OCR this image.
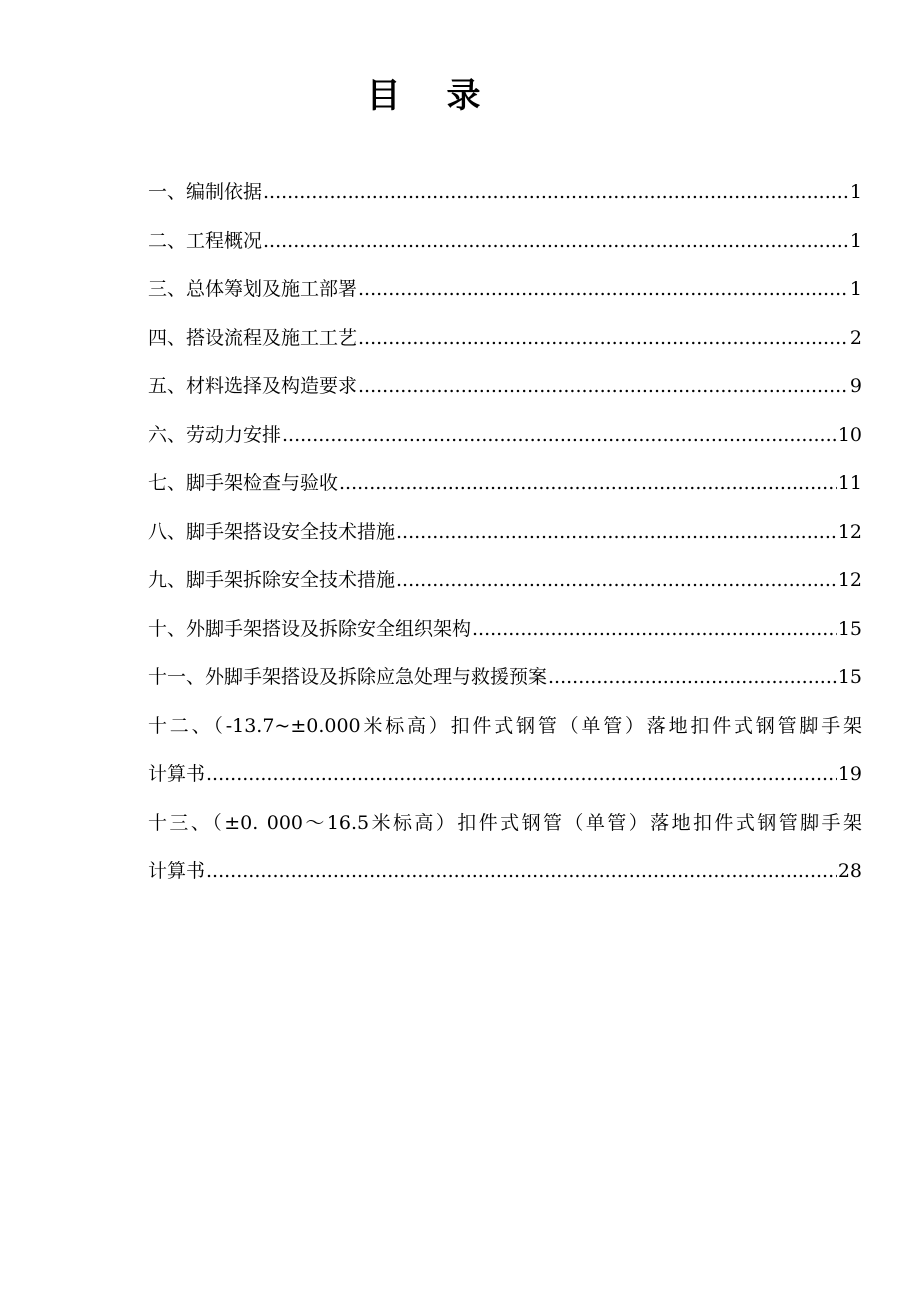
目录
一、编制依据 .....	1
二、工程概况 .....	1
三、总体筹划及施工部署 .....	1
四、搭设流程及施工工艺 .....	2
五、材料选择及构造要求 .....	9
六、劳动力安排 .....	10
七、脚手架检查与验收 .....	11
八、脚手架搭设安全技术措施 .....	12
九、脚手架拆除安全技术措施 .....	12
十、外脚手架搭设及拆除安全组织架构 .....	15
十一、外脚手架搭设及拆除应急处理与救援预案 .....	15
十二、（-13.7~±0.000米标高）扣件式钢管（单管）落地扣件式钢管脚手架
计算书 .....	19
十三、（±0. 000～16.5米标高）扣件式钢管（单管）落地扣件式钢管脚手架
计算书 .....	28
